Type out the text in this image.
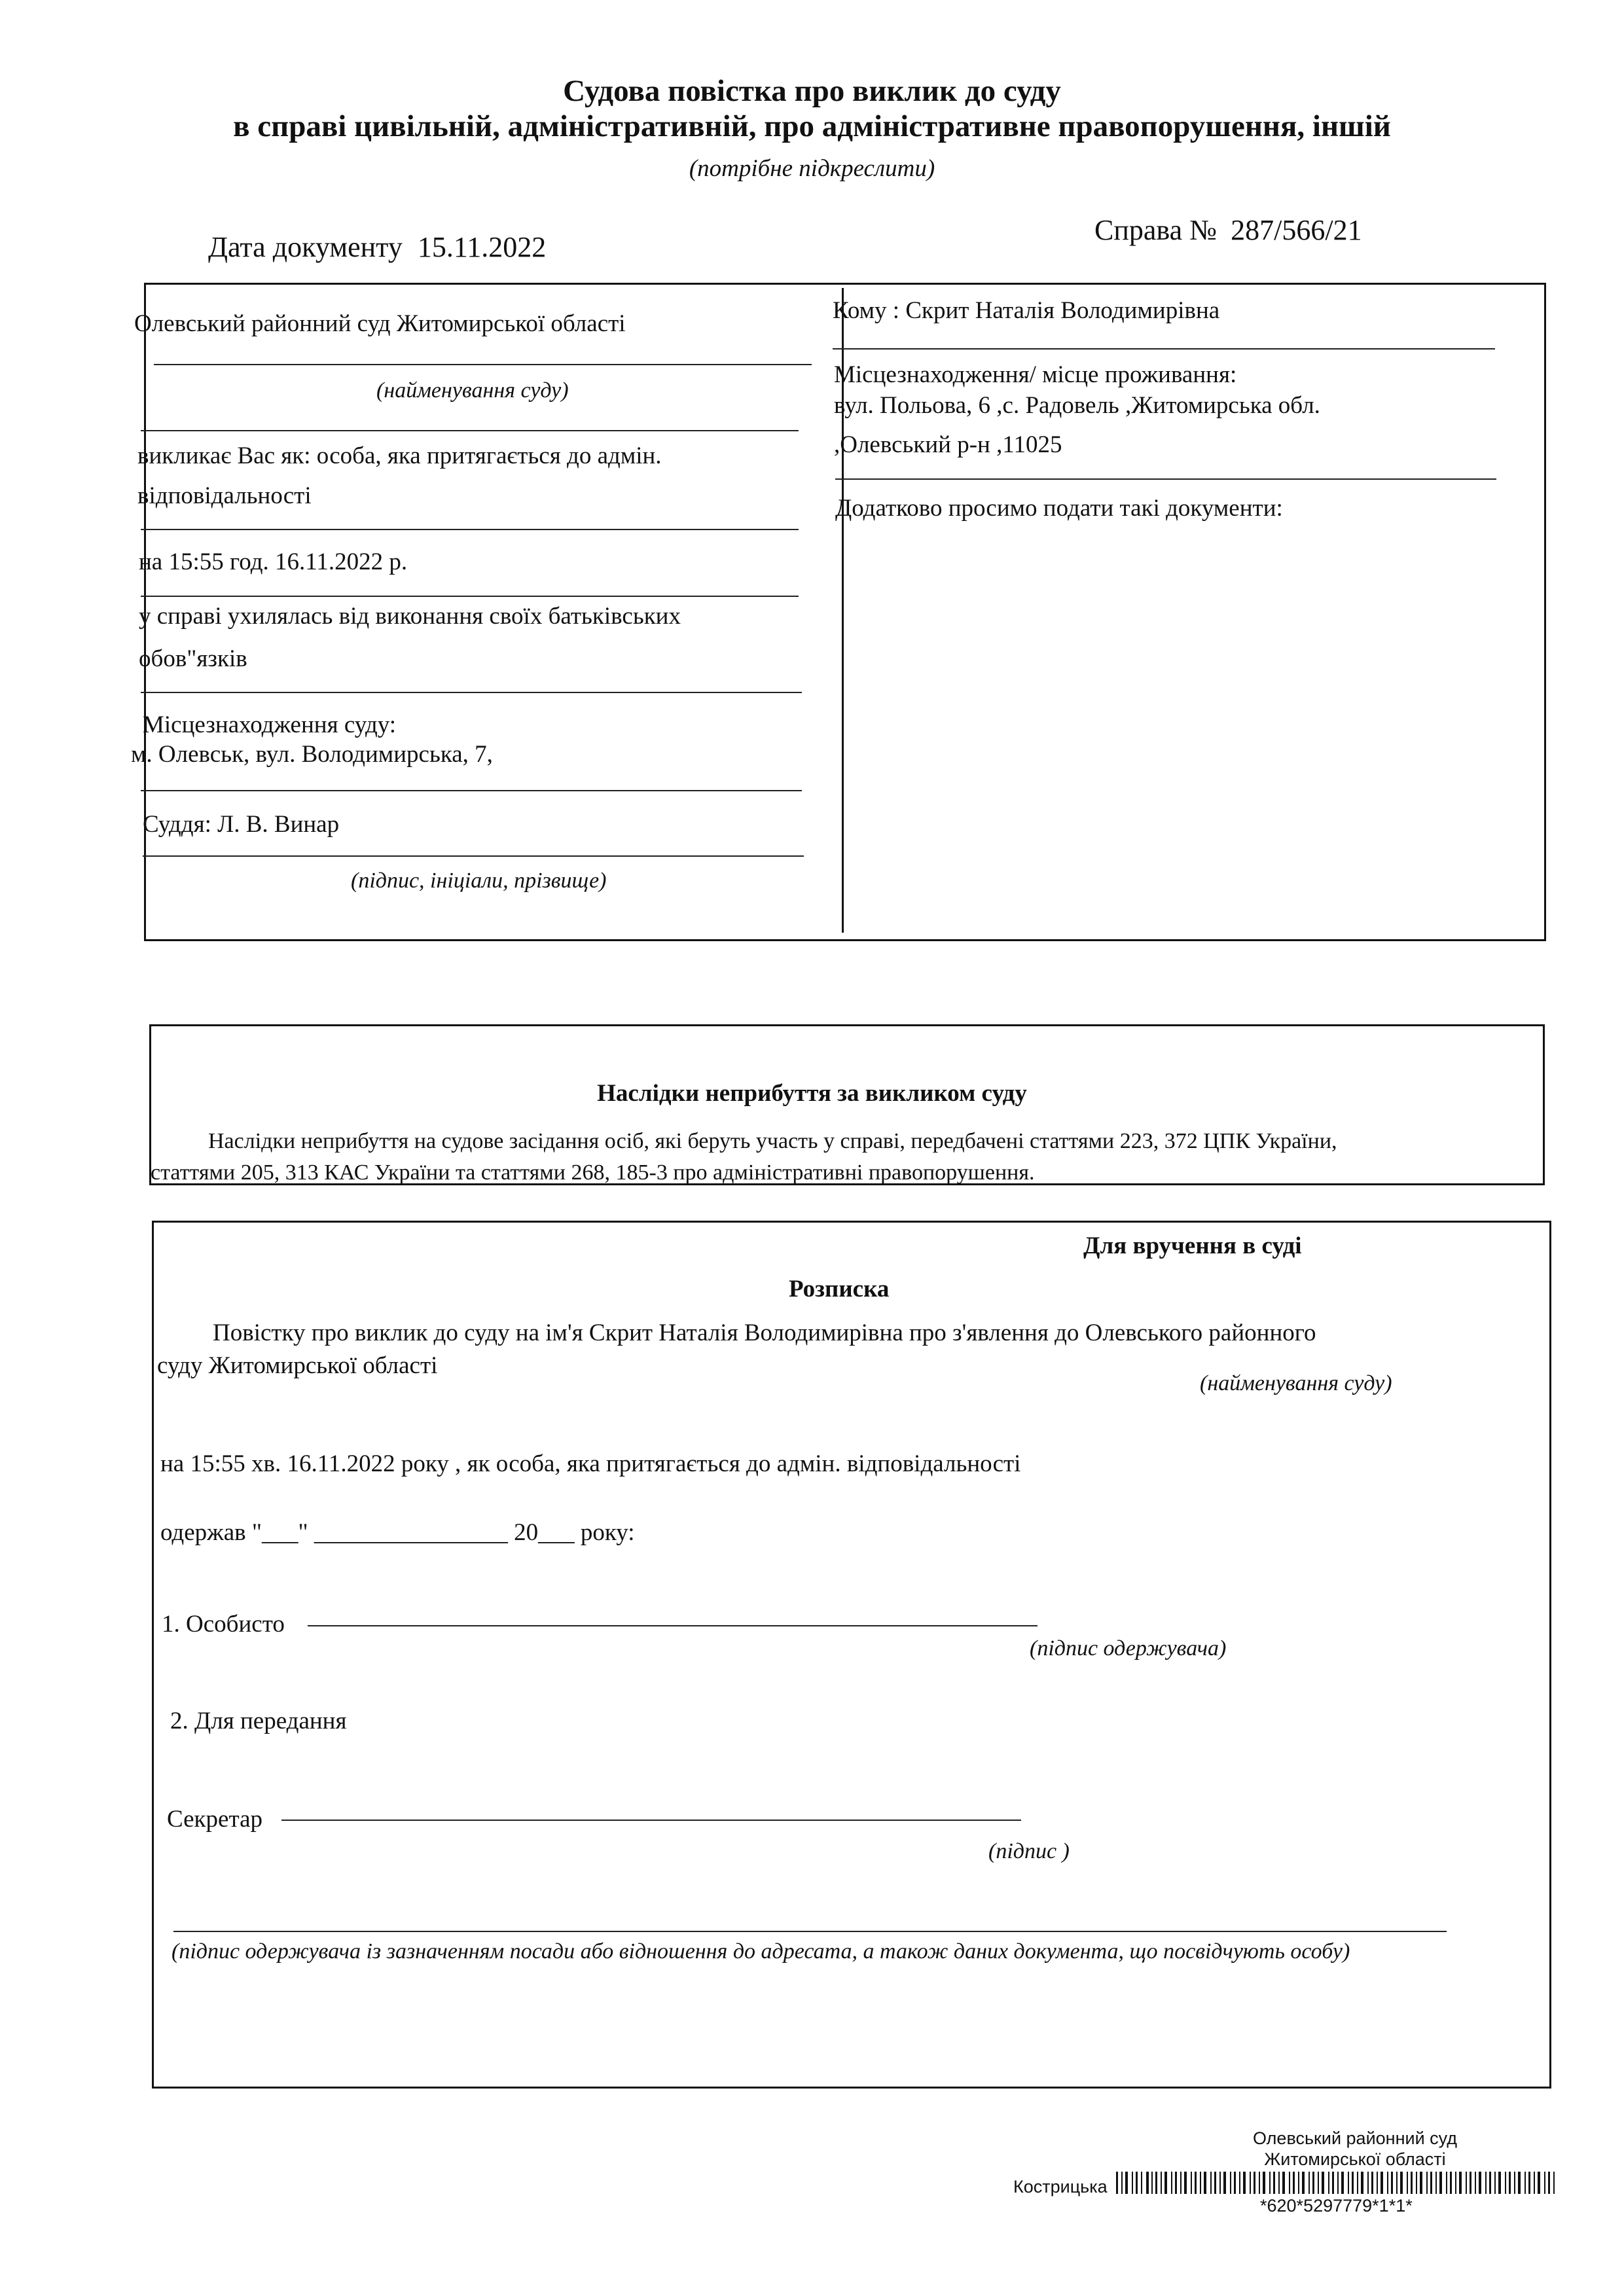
Судова повістка про виклик до суду
в справі цивільній, адміністративній, про адміністративне правопорушення, іншій
(потрібне підкреслити)
Дата документу 15.11.2022
Справа № 287/566/21
Олевський районний суд Житомирської області
(найменування суду)
викликає Вас як: особа, яка притягається до адмін.
відповідальності
на 15:55 год. 16.11.2022 р.
у справі ухилялась від виконання своїх батьківських
обов"язків
Місцезнаходження суду:
м. Олевськ, вул. Володимирська, 7,
Суддя: Л. В. Винар
(підпис, ініціали, прізвище)
Кому : Скрит Наталія Володимирівна
Місцезнаходження/ місце проживання:
вул. Польова, 6 ,с. Радовель ,Житомирська обл.
,Олевський р-н ,11025
Додатково просимо подати такі документи:
Наслідки неприбуття за викликом суду
Наслідки неприбуття на судове засідання осіб, які беруть участь у справі, передбачені статтями 223, 372 ЦПК України,
статтями 205, 313 КАС України та статтями 268, 185-3 про адміністративні правопорушення.
Для вручення в суді
Розписка
Повістку про виклик до суду на ім'я Скрит Наталія Володимирівна про з'явлення до Олевського районного
суду Житомирської області
(найменування суду)
на 15:55 хв. 16.11.2022 року , як особа, яка притягається до адмін. відповідальності
одержав "___" ________________ 20___ року:
1. Особисто
(підпис одержувача)
2. Для передання
Секретар
(підпис )
(підпис одержувача із зазначенням посади або відношення до адресата, а також даних документа, що посвідчують особу)
Олевський районний суд
Житомирської області
Кострицька
*620*5297779*1*1*
